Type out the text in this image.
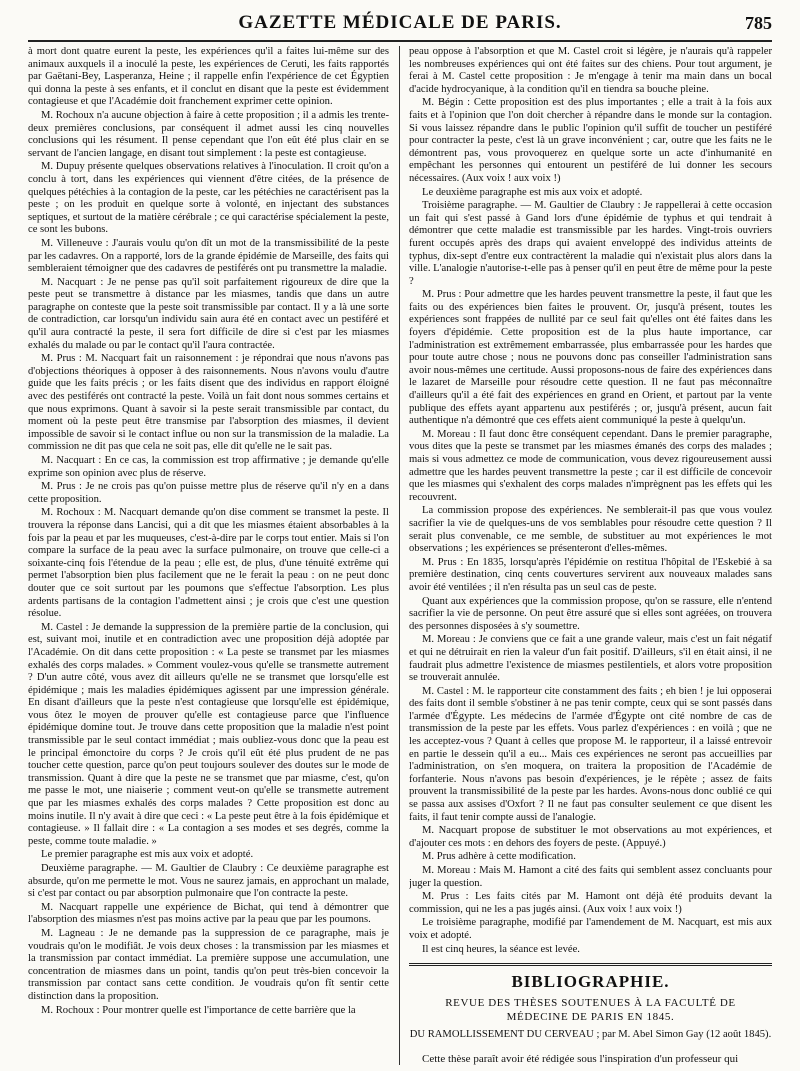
GAZETTE MÉDICALE DE PARIS.	785

à mort dont quatre eurent la peste, les expériences qu'il a faites lui-même sur des animaux auxquels il a inoculé la peste, les expériences de Ceruti, les faits rapportés par Gaëtani-Bey, Lasperanza, Heine ; il rappelle enfin l'expérience de cet Égyptien qui donna la peste à ses enfants, et il conclut en disant que la peste est évidemment contagieuse et que l'Académie doit franchement exprimer cette opinion.

M. Rochoux n'a aucune objection à faire à cette proposition ; il a admis les trente-deux premières conclusions, par conséquent il admet aussi les cinq nouvelles conclusions qui les résument. Il pense cependant que l'on eût été plus clair en se servant de l'ancien langage, en disant tout simplement : la peste est contagieuse.

M. Dupuy présente quelques observations relatives à l'inoculation. Il croit qu'on a conclu à tort, dans les expériences qui viennent d'être citées, de la présence de quelques pétéchies à la contagion de la peste, car les pétéchies ne caractérisent pas la peste ; on les produit en quelque sorte à volonté, en injectant des substances septiques, et surtout de la matière cérébrale ; ce qui caractérise spécialement la peste, ce sont les bubons.

M. Villeneuve : J'aurais voulu qu'on dît un mot de la transmissibilité de la peste par les cadavres. On a rapporté, lors de la grande épidémie de Marseille, des faits qui sembleraient témoigner que des cadavres de pestiférés ont pu transmettre la maladie.

M. Nacquart : Je ne pense pas qu'il soit parfaitement rigoureux de dire que la peste peut se transmettre à distance par les miasmes, tandis que dans un autre paragraphe on conteste que la peste soit transmissible par contact. Il y a là une sorte de contradiction, car lorsqu'un individu sain aura été en contact avec un pestiféré et qu'il aura contracté la peste, il sera fort difficile de dire si c'est par les miasmes exhalés du malade ou par le contact qu'il l'aura contractée.

M. Prus : M. Nacquart fait un raisonnement : je répondrai que nous n'avons pas d'objections théoriques à opposer à des raisonnements. Nous n'avons voulu d'autre guide que les faits précis ; or les faits disent que des individus en rapport éloigné avec des pestiférés ont contracté la peste. Voilà un fait dont nous sommes certains et que nous exprimons. Quant à savoir si la peste serait transmissible par contact, du moment où la peste peut être transmise par l'absorption des miasmes, il devient impossible de savoir si le contact influe ou non sur la transmission de la maladie. La commission ne dit pas que cela ne soit pas, elle dit qu'elle ne le sait pas.

M. Nacquart : En ce cas, la commission est trop affirmative ; je demande qu'elle exprime son opinion avec plus de réserve.

M. Prus : Je ne crois pas qu'on puisse mettre plus de réserve qu'il n'y en a dans cette proposition.

M. Rochoux : M. Nacquart demande qu'on dise comment se transmet la peste. Il trouvera la réponse dans Lancisi, qui a dit que les miasmes étaient absorbables à la fois par la peau et par les muqueuses, c'est-à-dire par le corps tout entier. Mais si l'on compare la surface de la peau avec la surface pulmonaire, on trouve que celle-ci a soixante-cinq fois l'étendue de la peau ; elle est, de plus, d'une ténuité extrême qui permet l'absorption bien plus facilement que ne le ferait la peau : on ne peut donc douter que ce soit surtout par les poumons que s'effectue l'absorption. Les plus ardents partisans de la contagion l'admettent ainsi ; je crois que c'est une question résolue.

M. Castel : Je demande la suppression de la première partie de la conclusion, qui est, suivant moi, inutile et en contradiction avec une proposition déjà adoptée par l'Académie. On dit dans cette proposition : « La peste se transmet par les miasmes exhalés des corps malades. » Comment voulez-vous qu'elle se transmette autrement ? D'un autre côté, vous avez dit ailleurs qu'elle ne se transmet que lorsqu'elle est épidémique ; mais les maladies épidémiques agissent par une impression générale. En disant d'ailleurs que la peste n'est contagieuse que lorsqu'elle est épidémique, vous ôtez le moyen de prouver qu'elle est contagieuse parce que l'influence épidémique domine tout. Je trouve dans cette proposition que la maladie n'est point transmissible par le seul contact immédiat ; mais oubliez-vous donc que la peau est le principal émonctoire du corps ? Je crois qu'il eût été plus prudent de ne pas toucher cette question, parce qu'on peut toujours soulever des doutes sur le mode de transmission. Quant à dire que la peste ne se transmet que par miasme, c'est, qu'on me passe le mot, une niaiserie ; comment veut-on qu'elle se transmette autrement que par les miasmes exhalés des corps malades ? Cette proposition est donc au moins inutile. Il n'y avait à dire que ceci : « La peste peut être à la fois épidémique et contagieuse. » Il fallait dire : « La contagion a ses modes et ses degrés, comme la peste, comme toute maladie. »

Le premier paragraphe est mis aux voix et adopté.

Deuxième paragraphe. — M. Gaultier de Claubry : Ce deuxième paragraphe est absurde, qu'on me permette le mot. Vous ne saurez jamais, en approchant un malade, si c'est par contact ou par absorption pulmonaire que l'on contracte la peste.

M. Nacquart rappelle une expérience de Bichat, qui tend à démontrer que l'absorption des miasmes n'est pas moins active par la peau que par les poumons.

M. Lagneau : Je ne demande pas la suppression de ce paragraphe, mais je voudrais qu'on le modifiât. Je vois deux choses : la transmission par les miasmes et la transmission par contact immédiat. La première suppose une accumulation, une concentration de miasmes dans un point, tandis qu'on peut très-bien concevoir la transmission par contact sans cette condition. Je voudrais qu'on fît sentir cette distinction dans la proposition.

M. Rochoux : Pour montrer quelle est l'importance de cette barrière que la

peau oppose à l'absorption et que M. Castel croit si légère, je n'aurais qu'à rappeler les nombreuses expériences qui ont été faites sur des chiens. Pour tout argument, je ferai à M. Castel cette proposition : Je m'engage à tenir ma main dans un bocal d'acide hydrocyanique, à la condition qu'il en tiendra sa bouche pleine.

M. Bégin : Cette proposition est des plus importantes ; elle a trait à la fois aux faits et à l'opinion que l'on doit chercher à répandre dans le monde sur la contagion. Si vous laissez répandre dans le public l'opinion qu'il suffit de toucher un pestiféré pour contracter la peste, c'est là un grave inconvénient ; car, outre que les faits ne le démontrent pas, vous provoquerez en quelque sorte un acte d'inhumanité en empêchant les personnes qui entourent un pestiféré de lui donner les secours nécessaires. (Aux voix ! aux voix !)

Le deuxième paragraphe est mis aux voix et adopté.

Troisième paragraphe. — M. Gaultier de Claubry : Je rappellerai à cette occasion un fait qui s'est passé à Gand lors d'une épidémie de typhus et qui tendrait à démontrer que cette maladie est transmissible par les hardes. Vingt-trois ouvriers furent occupés après des draps qui avaient enveloppé des individus atteints de typhus, dix-sept d'entre eux contractèrent la maladie qui n'existait plus alors dans la ville. L'analogie n'autorise-t-elle pas à penser qu'il en peut être de même pour la peste ?

M. Prus : Pour admettre que les hardes peuvent transmettre la peste, il faut que les faits ou des expériences bien faites le prouvent. Or, jusqu'à présent, toutes les expériences sont frappées de nullité par ce seul fait qu'elles ont été faites dans les foyers d'épidémie. Cette proposition est de la plus haute importance, car l'administration est extrêmement embarrassée, plus embarrassée pour les hardes que pour toute autre chose ; nous ne pouvons donc pas conseiller l'administration sans avoir nous-mêmes une certitude. Aussi proposons-nous de faire des expériences dans le lazaret de Marseille pour résoudre cette question. Il ne faut pas méconnaître d'ailleurs qu'il a été fait des expériences en grand en Orient, et partout par la vente publique des effets ayant appartenu aux pestiférés ; or, jusqu'à présent, aucun fait authentique n'a démontré que ces effets aient communiqué la peste à quelqu'un.

M. Moreau : Il faut donc être conséquent cependant. Dans le premier paragraphe, vous dites que la peste se transmet par les miasmes émanés des corps des malades ; mais si vous admettez ce mode de communication, vous devez rigoureusement aussi admettre que les hardes peuvent transmettre la peste ; car il est difficile de concevoir que les miasmes qui s'exhalent des corps malades n'imprègnent pas les effets qui les recouvrent.

La commission propose des expériences. Ne semblerait-il pas que vous voulez sacrifier la vie de quelques-uns de vos semblables pour résoudre cette question ? Il serait plus convenable, ce me semble, de substituer au mot expériences le mot observations ; les expériences se présenteront d'elles-mêmes.

M. Prus : En 1835, lorsqu'après l'épidémie on restitua l'hôpital de l'Eskebié à sa première destination, cinq cents couvertures servirent aux nouveaux malades sans avoir été ventilées ; il n'en résulta pas un seul cas de peste.

Quant aux expériences que la commission propose, qu'on se rassure, elle n'entend sacrifier la vie de personne. On peut être assuré que si elles sont agréées, on trouvera des personnes disposées à s'y soumettre.

M. Moreau : Je conviens que ce fait a une grande valeur, mais c'est un fait négatif et qui ne détruirait en rien la valeur d'un fait positif. D'ailleurs, s'il en était ainsi, il ne faudrait plus admettre l'existence de miasmes pestilentiels, et alors votre proposition se trouverait annulée.

M. Castel : M. le rapporteur cite constamment des faits ; eh bien ! je lui opposerai des faits dont il semble s'obstiner à ne pas tenir compte, ceux qui se sont passés dans l'armée d'Égypte. Les médecins de l'armée d'Égypte ont cité nombre de cas de transmission de la peste par les effets. Vous parlez d'expériences : en voilà ; que ne les acceptez-vous ? Quant à celles que propose M. le rapporteur, il a laissé entrevoir en partie le dessein qu'il a eu... Mais ces expériences ne seront pas accueillies par l'administration, on s'en moquera, on traitera la proposition de l'Académie de forfanterie. Nous n'avons pas besoin d'expériences, je le répète ; assez de faits prouvent la transmissibilité de la peste par les hardes. Avons-nous donc oublié ce qui se passa aux assises d'Oxfort ? Il ne faut pas consulter seulement ce que disent les faits, il faut tenir compte aussi de l'analogie.

M. Nacquart propose de substituer le mot observations au mot expériences, et d'ajouter ces mots : en dehors des foyers de peste. (Appuyé.)

M. Prus adhère à cette modification.

M. Moreau : Mais M. Hamont a cité des faits qui semblent assez concluants pour juger la question.

M. Prus : Les faits cités par M. Hamont ont déjà été produits devant la commission, qui ne les a pas jugés ainsi. (Aux voix ! aux voix !)

Le troisième paragraphe, modifié par l'amendement de M. Nacquart, est mis aux voix et adopté.

Il est cinq heures, la séance est levée.

BIBLIOGRAPHIE.
REVUE DES THÈSES SOUTENUES À LA FACULTÉ DE MÉDECINE DE PARIS EN 1845.
DU RAMOLLISSEMENT DU CERVEAU ; par M. Abel Simon Gay (12 août 1845).

Cette thèse paraît avoir été rédigée sous l'inspiration d'un professeur qui
